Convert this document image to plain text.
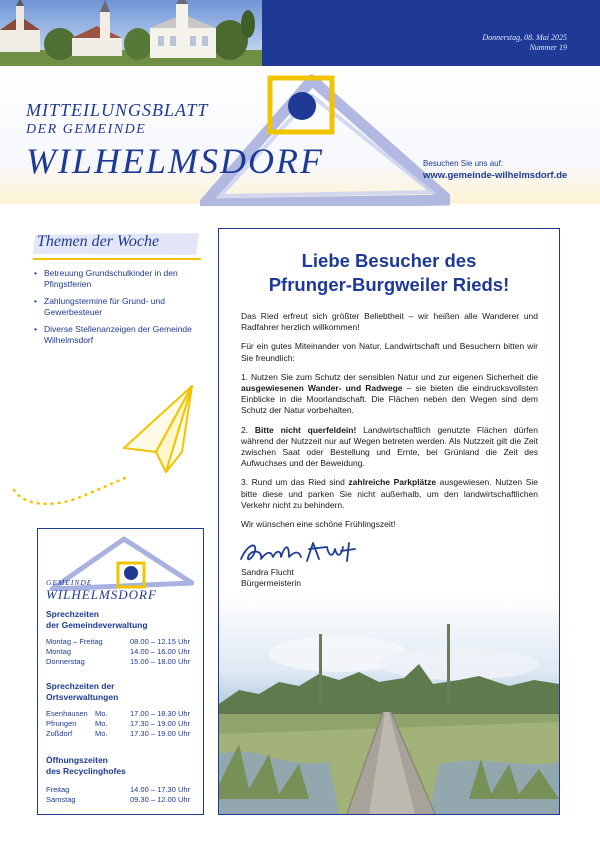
Donnerstag, 08. Mai 2025
Nummer 19
MITTEILUNGSBLATT
DER GEMEINDE
WILHELMSDORF	Besuchen Sie uns auf:
www.gemeinde-wilhelmsdorf.de
Themen der Woche
• Betreuung Grundschulkinder in den Pfingstferien
• Zahlungstermine für Grund- und Gewerbesteuer
• Diverse Stellenanzeigen der Gemeinde Wilhelmsdorf
GEMEINDE
WILHELMSDORF
Sprechzeiten
der Gemeindeverwaltung
Montag – Freitag	08.00 – 12.15 Uhr
Montag	14.00 – 16.00 Uhr
Donnerstag	15.00 – 18.00 Uhr
Sprechzeiten der
Ortsverwaltungen
Esenhausen Mo.	17.00 – 18.30 Uhr
Pfrungen Mo.	17.30 – 19.00 Uhr
Zußdorf	Mo.	17.30 – 19.00 Uhr
Öffnungszeiten
des Recyclinghofes
Freitag	14.00 – 17.30 Uhr
Samstag	09.30 – 12.00 Uhr
Liebe Besucher des
Pfrunger-Burgweiler Rieds!

Das Ried erfreut sich größter Beliebtheit – wir heißen alle Wanderer und Radfahrer herzlich willkommen!

Für ein gutes Miteinander von Natur, Landwirtschaft und Besuchern bitten wir Sie freundlich:

1. Nutzen Sie zum Schutz der sensiblen Natur und zur eigenen Sicherheit die ausgewiesenen Wander- und Radwege – sie bieten die eindrucksvollsten Einblicke in die Moorlandschaft. Die Flächen neben den Wegen sind dem Schutz der Natur vorbehalten.

2. Bitte nicht querfeldein! Landwirtschaftlich genutzte Flächen dürfen während der Nutzzeit nur auf Wegen betreten werden. Als Nutzzeit gilt die Zeit zwischen Saat oder Bestellung und Ernte, bei Grünland die Zeit des Aufwuchses und der Beweidung.

3. Rund um das Ried sind zahlreiche Parkplätze ausgewiesen. Nutzen Sie bitte diese und parken Sie nicht außerhalb, um den landwirtschaftlichen Verkehr nicht zu behindern.

Wir wünschen eine schöne Frühlingszeit!

Sandra Flucht
Bürgermeisterin
